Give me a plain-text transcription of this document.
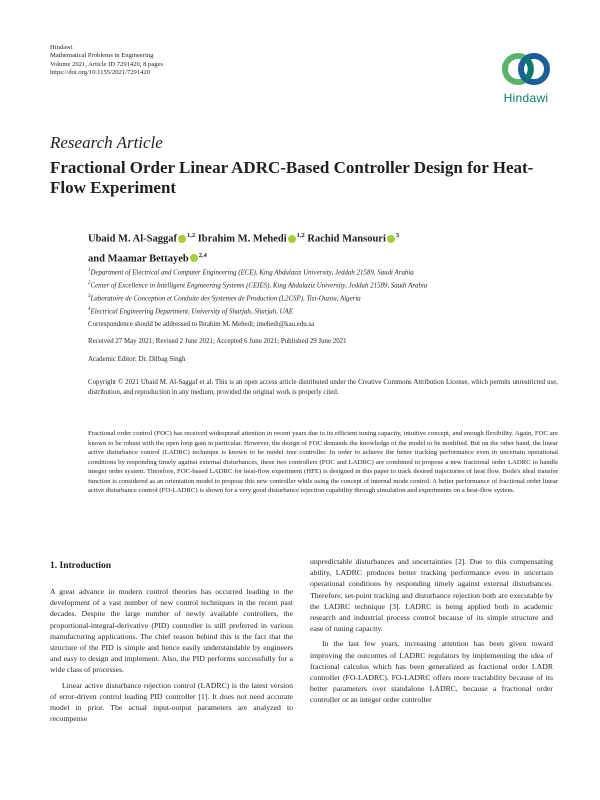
Hindawi
Mathematical Problems in Engineering
Volume 2021, Article ID 7291420, 8 pages
https://doi.org/10.1155/2021/7291420
Hindawi
Research Article
Fractional Order Linear ADRC-Based Controller Design for Heat-Flow Experiment
Ubaid M. Al-Saggaf $^{1,2}$ Ibrahim M. Mehedi $^{1,2}$ Rachid Mansouri $^3$
and Maamar Bettayeb $^{2,4}$
$^1$Department of Electrical and Computer Engineering (ECE), King Abdulaziz University, Jeddah 21589, Saudi Arabia
$^2$Center of Excellence in Intelligent Engineering Systems (CEIES), King Abdulaziz University, Jeddah 21589, Saudi Arabia
$^3$Laboratoire de Conception et Conduite des Systemes de Production (L2CSP), Tizi-Ouzou, Algeria
$^4$Electrical Engineering Department, University of Sharjah, Sharjah, UAE
Correspondence should be addressed to Ibrahim M. Mehedi; imehedi@kau.edu.sa
Received 27 May 2021; Revised 2 June 2021; Accepted 6 June 2021; Published 29 June 2021
Academic Editor: Dr. Dilbag Singh
Copyright © 2021 Ubaid M. Al-Saggaf et al. This is an open access article distributed under the Creative Commons Attribution License, which permits unrestricted use, distribution, and reproduction in any medium, provided the original work is properly cited.
Fractional order control (FOC) has received widespread attention in recent years due to its efficient tuning capacity, intuitive concept, and enough flexibility. Again, FOC are known to be robust with the open loop gain in particular. However, the design of FOC demands the knowledge of the model to be modified. But on the other hand, the linear active disturbance control (LADRC) technique is known to be model free controller. In order to achieve the better tracking performance even in uncertain operational conditions by responding timely against external disturbances, these two controllers (FOC and LADRC) are combined to propose a new fractional order LADRC to handle integer order system. Therefore, FOC-based LADRC for heat-flow experiment (HFE) is designed in this paper to track desired trajectories of heat flow. Bode's ideal transfer function is considered as an orientation model to propose this new controller while using the concept of internal mode control. A better performance of fractional order linear active disturbance control (FO-LADRC) is shown for a very good disturbance rejection capability through simulation and experiments on a heat-flow system.
1. Introduction

A great advance in modern control theories has occurred leading to the development of a vast number of new control techniques in the recent past decades. Despite the large number of newly available controllers, the proportional-integral-derivative (PID) controller is still preferred in various manufacturing applications. The chief reason behind this is the fact that the structure of the PID is simple and hence easily understandable by engineers and easy to design and implement. Also, the PID performs successfully for a wide class of processes.

Linear active disturbance rejection control (LADRC) is the latest version of error-driven control leading PID controller [1]. It does not need accurate model in prior. The actual input-output parameters are analyzed to recompense

unpredictable disturbances and uncertainties [2]. Due to this compensating ability, LADRC produces better tracking performance even in uncertain operational conditions by responding timely against external disturbances. Therefore, set-point tracking and disturbance rejection both are executable by the LADRC technique [3]. LADRC is being applied both in academic research and industrial process control because of its simple structure and ease of tuning capacity.

In the last few years, increasing attention has been given toward improving the outcomes of LADRC regulators by implementing the idea of fractional calculus which has been generalized as fractional order LADR controller (FO-LADRC). FO-LADRC offers more tractability because of its better parameters over standalone LADRC, because a fractional order controller or an integer order controller
